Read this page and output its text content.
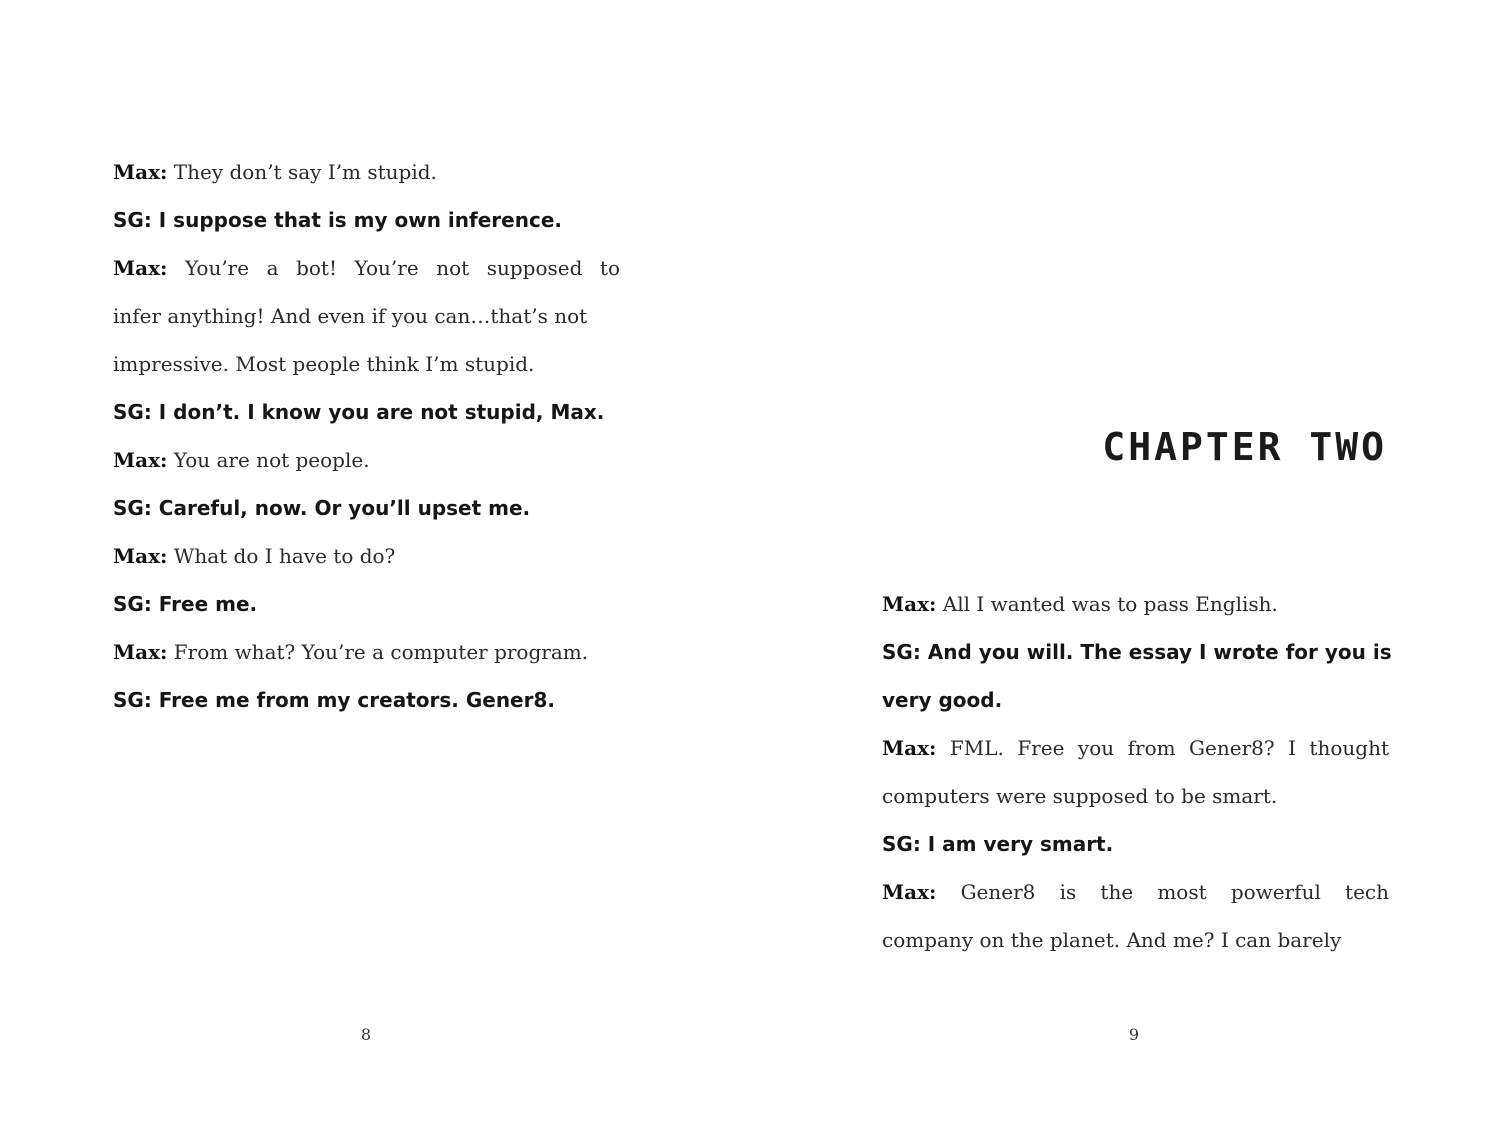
Max: They don’t say I’m stupid.
SG: I suppose that is my own inference.
Max: You’re a bot! You’re not supposed to
infer anything! And even if you can…that’s not
impressive. Most people think I’m stupid.
SG: I don’t. I know you are not stupid, Max.
Max: You are not people.
SG: Careful, now. Or you’ll upset me.
Max: What do I have to do?
SG: Free me.
Max: From what? You’re a computer program.
SG: Free me from my creators. Gener8.
8
CHAPTER TWO
Max: All I wanted was to pass English.
SG: And you will. The essay I wrote for you is
very good.
Max: FML. Free you from Gener8? I thought
computers were supposed to be smart.
SG: I am very smart.
Max: Gener8 is the most powerful tech
company on the planet. And me? I can barely
9
